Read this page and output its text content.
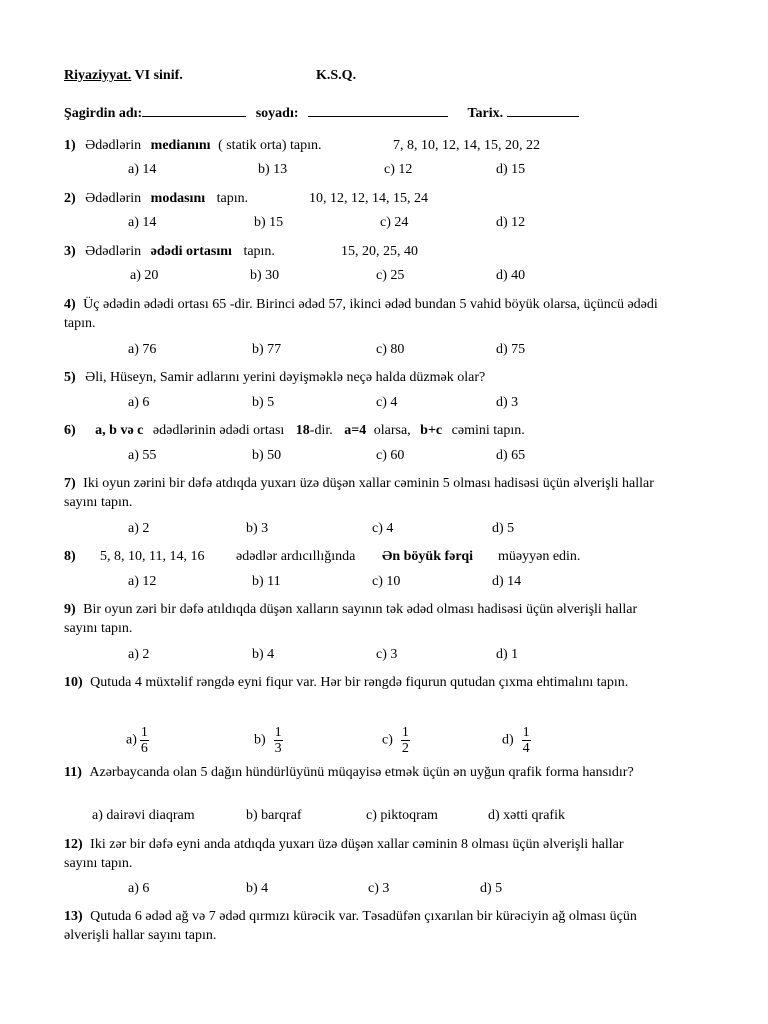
Riyaziyyat. VI sinif.	K.S.Q.
Şagirdin adı:	soyadı:	Tarix.
1) Ədədlərin medianını ( statik orta) tapın.	7, 8, 10, 12, 14, 15, 20, 22
a) 14	b) 13	c) 12	d) 15
2) Ədədlərin modasını tapın.	10, 12, 12, 14, 15, 24
a) 14	b) 15	c) 24	d) 12
3) Ədədlərin ədədi ortasını tapın.	15, 20, 25, 40
a) 20	b) 30	c) 25	d) 40
4) Üç ədədin ədədi ortası 65 -dir. Birinci ədəd 57, ikinci ədəd bundan 5 vahid böyük olarsa, üçüncü ədədi tapın.
a) 76	b) 77	c) 80	d) 75
5) Əli, Hüseyn, Samir adlarını yerini dəyişməklə neçə halda düzmək olar?
a) 6	b) 5	c) 4	d) 3
6) a, b və c ədədlərinin ədədi ortası 18-dir. a=4 olarsa, b+c cəmini tapın.
a) 55	b) 50	c) 60	d) 65
7) Iki oyun zərini bir dəfə atdıqda yuxarı üzə düşən xallar cəminin 5 olması hadisəsi üçün əlverişli hallar sayını tapın.
a) 2	b) 3	c) 4	d) 5
8) 5, 8, 10, 11, 14, 16 ədədlər ardıcıllığında Ən böyük fərqi müəyyən edin.
a) 12	b) 11	c) 10	d) 14
9) Bir oyun zəri bir dəfə atıldıqda düşən xalların sayının tək ədəd olması hadisəsi üçün əlverişli hallar sayını tapın.
a) 2	b) 4	c) 3	d) 1
10) Qutuda 4 müxtəlif rəngdə eyni fiqur var. Hər bir rəngdə fiqurun qutudan çıxma ehtimalını tapın.
$a) \frac{1}{6}$	$b) \frac{1}{3}$	$c) \frac{1}{2}$	$d) \frac{1}{4}$
11) Azərbaycanda olan 5 dağın hündürlüyünü müqayisə etmək üçün ən uyğun qrafik forma hansıdır?
a) dairəvi diaqram	b) barqraf	c) piktoqram	d) xətti qrafik
12) Iki zər bir dəfə eyni anda atdıqda yuxarı üzə düşən xallar cəminin 8 olması üçün əlverişli hallar sayını tapın.
a) 6	b) 4	c) 3	d) 5
13) Qutuda 6 ədəd ağ və 7 ədəd qırmızı kürəcik var. Təsadüfən çıxarılan bir kürəciyin ağ olması üçün əlverişli hallar sayını tapın.
